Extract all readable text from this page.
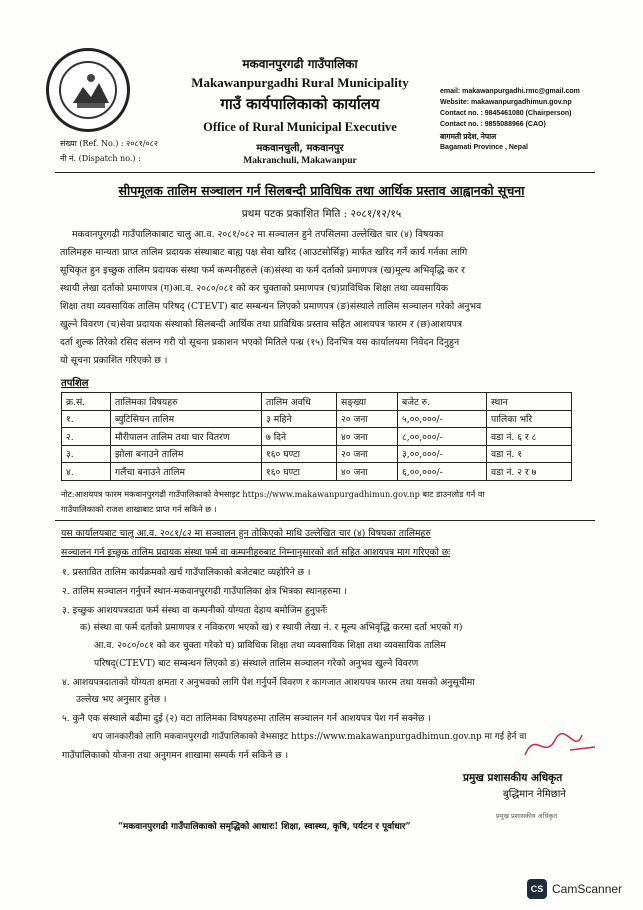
संख्या (Ref. No.) : २०८१/०८२
नी नं. (Dispatch no.) :
मकवानपुरगढी गाउँपालिका
Makawanpurgadhi Rural Municipality
गाउँ कार्यपालिकाको कार्यालय
Office of Rural Municipal Executive
मकवानचुली, मकवानपुर
Makranchuli, Makawanpur
email: makawanpurgadhi.rmc@gmail.com
Website: makawanpurgadhimun.gov.np
Contact no. : 9845461080 (Chairperson)
Contact no. : 9855088966 (CAO)
बागमती प्रदेश, नेपाल
Bagamati Province , Nepal
सीपमूलक तालिम सञ्चालन गर्न सिलबन्दी प्राविधिक तथा आर्थिक प्रस्ताव आह्वानको सूचना
प्रथम पटक प्रकाशित मिति : २०८१/१२/१५
मकवानपुरगढी गाउँपालिकाबाट चालु आ.व. २०८१/०८२ मा सञ्चालन हुने तपसिलमा उल्लेखित चार (४) विषयका
तालिमहरु मान्यता प्राप्त तालिम प्रदायक संस्थाबाट बाह्य पक्ष सेवा खरिद (आउटसोर्सिङ्ग) मार्फत खरिद गर्ने कार्य गर्नका लागि
सूचिकृत हुन इच्छुक तालिम प्रदायक संस्था फर्म कम्पनीहरुले (क)संस्था वा फर्म दर्ताको प्रमाणपत्र (ख)मूल्य अभिवृद्धि कर र
स्थायी लेखा दर्ताको प्रमाणपत्र (ग)आ.व. २०८०/०८१ को कर चुक्ताको प्रमाणपत्र (घ)प्राविधिक शिक्षा तथा व्यवसायिक
शिक्षा तथा व्यवसायिक तालिम परिषद् (CTEVT) बाट सम्बन्धन लिएको प्रमाणपत्र (ङ)संस्थाले तालिम सञ्चालन गरेको अनुभव
खुल्ने विवरण (च)सेवा प्रदायक संस्थाको सिलबन्दी आर्थिक तथा प्राविधिक प्रस्ताव सहित आशयपत्र फारम र (छ)आशयपत्र
दर्ता शुल्क तिरेको रसिद संलग्न गरी यो सूचना प्रकाशन भएको मितिले पन्ध्र (१५) दिनभित्र यस कार्यालयमा निवेदन दिनुहुन
यो सूचना प्रकाशित गरिएको छ ।
तपशिल
क्र.सं.	तालिमका विषयहरु	तालिम अवधि	सङ्ख्या	बजेट रु.	स्थान
१.	ब्युटिसियन तालिम	३ महिने	२० जना	५,००,०००/-	पालिका भरि
२.	मौरीपालन तालिम तथा घार वितरण	७ दिने	४० जना	८,००,०००/-	वडा नं. ६ र ८
३.	झोला बनाउने तालिम	१६० घण्टा	२० जना	३,००,०००/-	वडा नं. १
४.	गलैंचा बनाउने तालिम	१६० घण्टा	४० जना	६,००,०००/-	वडा नं. २ र ७
नोट:आशयपत्र फारम मकवानपुरगढी गाउँपालिकाको वेभसाइट https://www.makawanpurgadhimun.gov.np बाट डाउनलोड गर्न वा
गाउँपालिकाको राजश शाखाबाट प्राप्त गर्न सकिने छ ।
यस कार्यालयबाट चालु आ.व. २०८१/८२ मा सञ्चालन हुन तोकिएको माथि उल्लेखित चार (४) विषयका तालिमहरु
सञ्चालन गर्न इच्छुक तालिम प्रदायक संस्था फर्म वा कम्पनीहरुबाट निम्नानुसारको शर्त सहित आशयपत्र माग गरिएको छः
१. प्रस्तावित तालिम कार्यक्रमको खर्च गाउँपालिकाको बजेटबाट व्यहोरिने छ ।
२. तालिम सञ्चालन गर्नुपर्ने स्थान-मकवानपुरगढी गाउँपालिका क्षेत्र भित्रका स्थानहरुमा ।
३. इच्छुक आशयपत्रदाता फर्म संस्था वा कम्पनीको योग्यता देहाय बमोजिम हुनुपर्नेः
क) संस्था वा फर्म दर्ताको प्रमाणपत्र र नविकरण भएको ख) र स्थायी लेखा नं. र मूल्य अभिवृद्धि करमा दर्ता भएको ग)
आ.व. २०८०/०८१ को कर चुक्ता गरेको घ) प्राविधिक शिक्षा तथा व्यवसायिक शिक्षा तथा व्यवसायिक तालिम
परिषद्(CTEVT) बाट सम्बन्धन लिएको ङ) संस्थाले तालिम सञ्चालन गरेको अनुभव खुल्ने विवरण
४. आशयपत्रदाताको योग्यता क्षमता र अनुभवको लागि पेश गर्नुपर्ने विवरण र कागजात आशयपत्र फारम तथा यसको अनुसूचीमा
उल्लेख भए अनुसार हुनेछ ।
५. कुनै एक संस्थाले बढीमा दुई (२) वटा तालिमका विषयहरुमा तालिम सञ्चालन गर्न आशयपत्र पेश गर्न सक्नेछ ।
थप जानकारीको लागि मकवानपुरगढी गाउँपालिकाको वेभसाइट https://www.makawanpurgadhimun.gov.np मा गई हेर्न वा
गाउँपालिकाको योजना तथा अनुगमन शाखामा सम्पर्क गर्न सकिने छ ।
प्रमुख प्रशासकीय अधिकृत
बुद्धिमान नेमिछाने
“मकवानपुरगढी गाउँपालिकाको समृद्धिको आधारः! शिक्षा, स्वास्थ्य, कृषि, पर्यटन र पूर्वाधार”
प्रमुख प्रशासकीय अधिकृत
CS CamScanner
